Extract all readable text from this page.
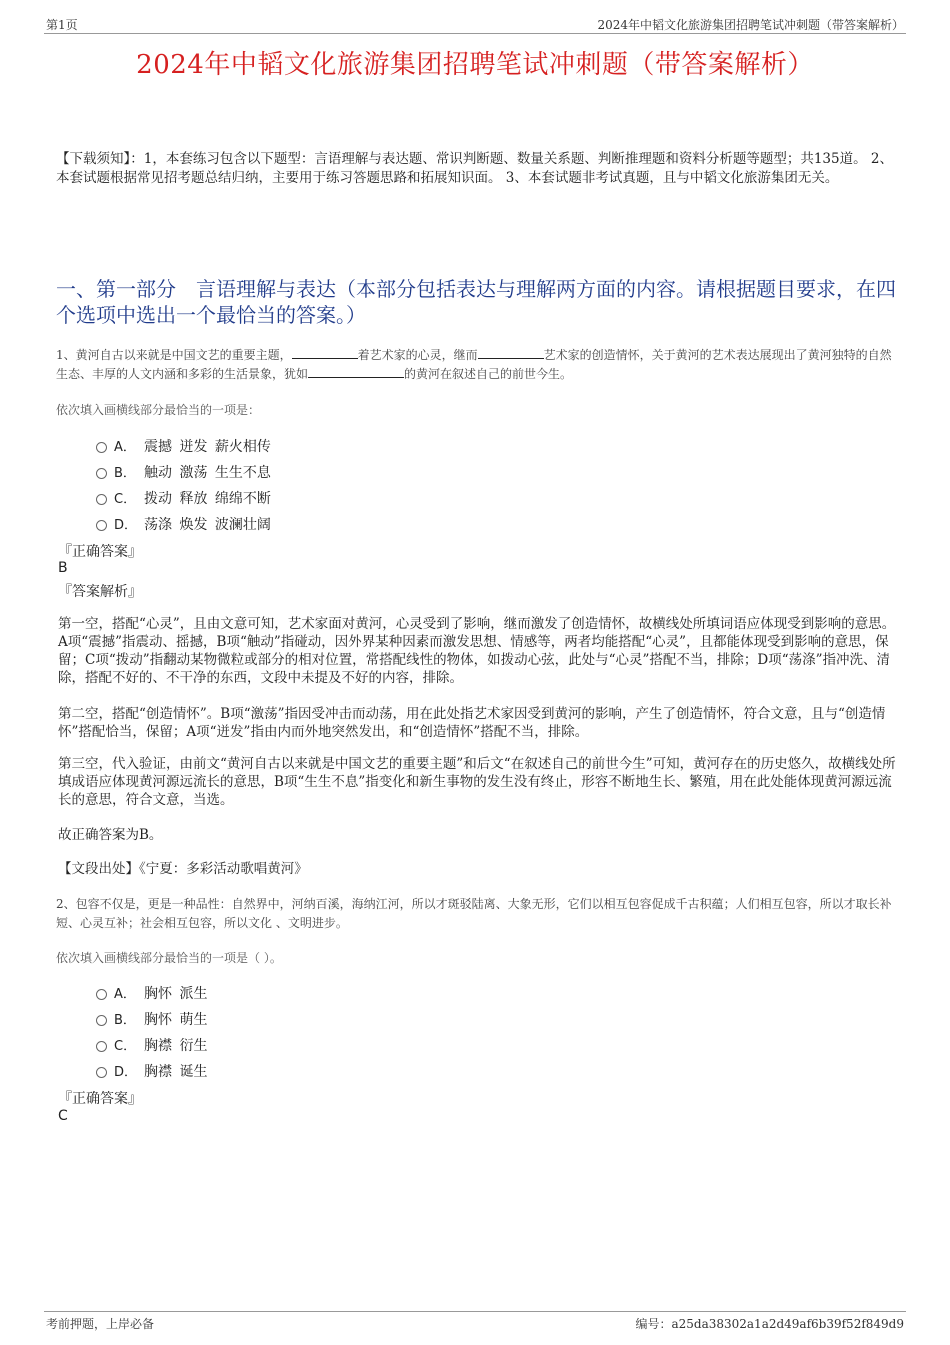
第1页	2024年中韬文化旅游集团招聘笔试冲刺题（带答案解析）
2024年中韬文化旅游集团招聘笔试冲刺题（带答案解析）
【下载须知】：1，本套练习包含以下题型：言语理解与表达题、常识判断题、数量关系题、判断推理题和资料分析题等题型；共135道。 2、本套试题根据常见招考题总结归纳，主要用于练习答题思路和拓展知识面。 3、本套试题非考试真题，且与中韬文化旅游集团无关。
一、第一部分　言语理解与表达（本部分包括表达与理解两方面的内容。请根据题目要求，在四个选项中选出一个最恰当的答案。）
1、黄河自古以来就是中国文艺的重要主题，	着艺术家的心灵，继而	艺术家的创造情怀，关于黄河的艺术表达展现出了黄河独特的自然生态、丰厚的人文内涵和多彩的生活景象，犹如	的黄河在叙述自己的前世今生。
依次填入画横线部分最恰当的一项是：
A． 震撼 迸发 薪火相传
B． 触动 激荡 生生不息
C． 拨动 释放 绵绵不断
D． 荡涤 焕发 波澜壮阔
『正确答案』
B
『答案解析』
第一空，搭配“心灵”，且由文意可知，艺术家面对黄河，心灵受到了影响，继而激发了创造情怀，故横线处所填词语应体现受到影响的意思。A项“震撼”指震动、摇撼，B项“触动”指碰动，因外界某种因素而激发思想、情感等，两者均能搭配“心灵”，且都能体现受到影响的意思，保留；C项“拨动”指翻动某物微粒或部分的相对位置，常搭配线性的物体，如拨动心弦，此处与“心灵”搭配不当，排除；D项“荡涤”指冲洗、清除，搭配不好的、不干净的东西，文段中未提及不好的内容，排除。
第二空，搭配“创造情怀”。B项“激荡”指因受冲击而动荡，用在此处指艺术家因受到黄河的影响，产生了创造情怀，符合文意，且与“创造情怀”搭配恰当，保留；A项“迸发”指由内而外地突然发出，和“创造情怀”搭配不当，排除。
第三空，代入验证，由前文“黄河自古以来就是中国文艺的重要主题”和后文“在叙述自己的前世今生”可知，黄河存在的历史悠久，故横线处所填成语应体现黄河源远流长的意思，B项“生生不息”指变化和新生事物的发生没有终止，形容不断地生长、繁殖，用在此处能体现黄河源远流长的意思，符合文意，当选。
故正确答案为B。
【文段出处】《宁夏：多彩活动歌唱黄河》
2、包容不仅是，更是一种品性：自然界中，河纳百溪，海纳江河，所以才斑驳陆离、大象无形，它们以相互包容促成千古积蕴；人们相互包容，所以才取长补短、心灵互补；社会相互包容，所以文化 、文明进步。
依次填入画横线部分最恰当的一项是（ ）。
A． 胸怀 派生
B． 胸怀 萌生
C． 胸襟 衍生
D． 胸襟 诞生
『正确答案』
C
考前押题，上岸必备	编号：a25da38302a1a2d49af6b39f52f849d9
